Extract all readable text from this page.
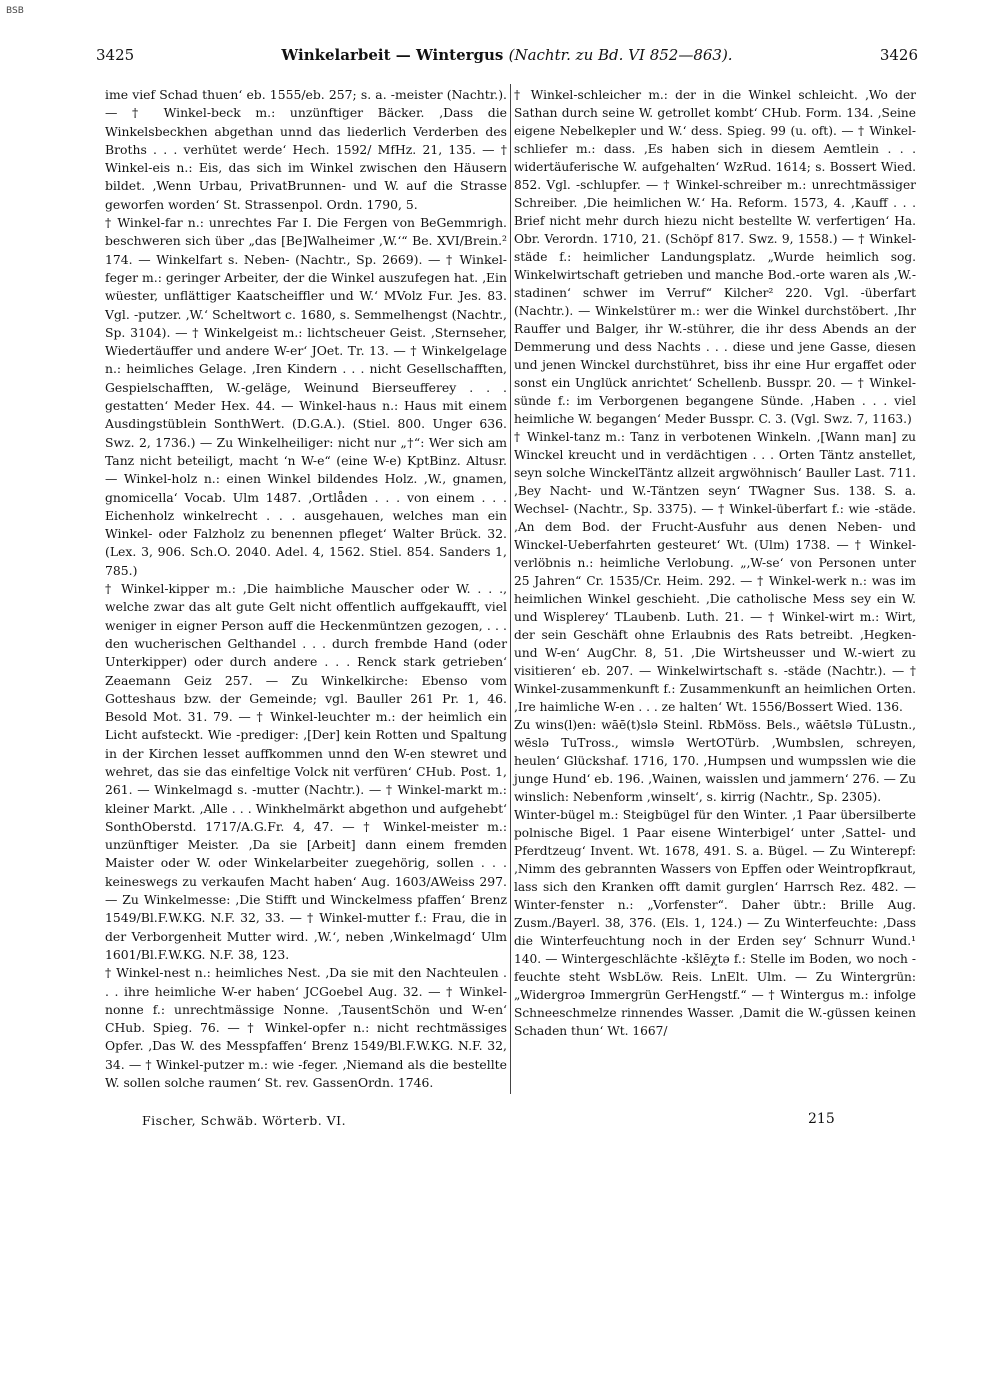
BSB
3425	Winkelarbeit — Wintergus (Nachtr. zu Bd. VI 852—863).	3426

ime vief Schad thuen‘ eb. 1555/eb. 257; s. a. -meister (Nachtr.). — † Winkel-beck m.: unzünftiger Bäcker. ‚Dass die Winkelsbeckhen abgethan unnd das liederlich Verderben des Broths . . . verhütet werde‘ Hech. 1592/ MfHz. 21, 135. — † Winkel-eis n.: Eis, das sich im Winkel zwischen den Häusern bildet. ‚Wenn Urbau, PrivatBrunnen- und W. auf die Strasse geworfen worden‘ St. Strassenpol. Ordn. 1790, 5.

† Winkel-far n.: unrechtes Far I. Die Fergen von BeGemmrigh. beschweren sich über „das [Be]Walheimer ‚W.‘“ Be. XVI/Brein.² 174. — Winkelfart s. Neben- (Nachtr., Sp. 2669). — † Winkel-feger m.: geringer Arbeiter, der die Winkel auszufegen hat. ‚Ein wüester, unflättiger Kaatscheiffler und W.‘ MVolz Fur. Jes. 83. Vgl. -putzer. ‚W.‘ Scheltwort c. 1680, s. Semmelhengst (Nachtr., Sp. 3104). — † Winkelgeist m.: lichtscheuer Geist. ‚Sternseher, Wiedertäuffer und andere W-er‘ JOet. Tr. 13. — † Winkelgelage n.: heimliches Gelage. ‚Iren Kindern . . . nicht Gesellschafften, Gespielschafften, W.-geläge, Weinund Bierseufferey . . . gestatten‘ Meder Hex. 44. — Winkel-haus n.: Haus mit einem Ausdingstüblein SonthWert. (D.G.A.). (Stiel. 800. Unger 636. Swz. 2, 1736.) — Zu Winkelheiliger: nicht nur „†“: Wer sich am Tanz nicht beteiligt, macht ‘n W-e“ (eine W-e) KptBinz. Altusr. — Winkel-holz n.: einen Winkel bildendes Holz. ‚W., gnamen, gnomicella‘ Vocab. Ulm 1487. ‚Ortlåden . . . von einem . . . Eichenholz winkelrecht . . . ausgehauen, welches man ein Winkel- oder Falzholz zu benennen pfleget‘ Walter Brück. 32. (Lex. 3, 906. Sch.O. 2040. Adel. 4, 1562. Stiel. 854. Sanders 1, 785.)

† Winkel-kipper m.: ‚Die haimbliche Mauscher oder W. . . .‚ welche zwar das alt gute Gelt nicht offentlich auffgekaufft, viel weniger in eigner Person auff die Heckenmüntzen gezogen, . . . den wucherischen Gelthandel . . . durch frembde Hand (oder Unterkipper) oder durch andere . . . Renck stark getrieben‘ Zeaemann Geiz 257. — Zu Winkelkirche: Ebenso vom Gotteshaus bzw. der Gemeinde; vgl. Bauller 261 Pr. 1, 46. Besold Mot. 31. 79. — † Winkel-leuchter m.: der heimlich ein Licht aufsteckt. Wie -prediger: ‚[Der] kein Rotten und Spaltung in der Kirchen lesset auffkommen unnd den W-en stewret und wehret, das sie das einfeltige Volck nit verfüren‘ CHub. Post. 1, 261. — Winkelmagd s. -mutter (Nachtr.). — † Winkel-markt m.: kleiner Markt. ‚Alle . . . Winkhelmärkt abgethon und aufgehebt‘ SonthOberstd. 1717/A.G.Fr. 4, 47. — † Winkel-meister m.: unzünftiger Meister. ‚Da sie [Arbeit] dann einem fremden Maister oder W. oder Winkelarbeiter zuegehörig, sollen . . . keineswegs zu verkaufen Macht haben‘ Aug. 1603/AWeiss 297. — Zu Winkelmesse: ‚Die Stifft und Winckelmess pfaffen‘ Brenz 1549/Bl.F.W.KG. N.F. 32, 33. — † Winkel-mutter f.: Frau, die in der Verborgenheit Mutter wird. ‚W.‘, neben ‚Winkelmagd‘ Ulm 1601/Bl.F.W.KG. N.F. 38, 123.

† Winkel-nest n.: heimliches Nest. ‚Da sie mit den Nachteulen . . . ihre heimliche W-er haben‘ JCGoebel Aug. 32. — † Winkel-nonne f.: unrechtmässige Nonne. ‚TausentSchön und W-en‘ CHub. Spieg. 76. — † Winkel-opfer n.: nicht rechtmässiges Opfer. ‚Das W. des Messpfaffen‘ Brenz 1549/Bl.F.W.KG. N.F. 32, 34. — † Winkel-putzer m.: wie -feger. ‚Niemand als die bestellte W. sollen solche raumen‘ St. rev. GassenOrdn. 1746.

† Winkel-schleicher m.: der in die Winkel schleicht. ‚Wo der Sathan durch seine W. getrollet kombt‘ CHub. Form. 134. ‚Seine eigene Nebelkepler und W.‘ dess. Spieg. 99 (u. oft). — † Winkel-schliefer m.: dass. ‚Es haben sich in diesem Aemtlein . . . widertäuferische W. aufgehalten‘ WzRud. 1614; s. Bossert Wied. 852. Vgl. -schlupfer. — † Winkel-schreiber m.: unrechtmässiger Schreiber. ‚Die heimlichen W.‘ Ha. Reform. 1573, 4. ‚Kauff . . . Brief nicht mehr durch hiezu nicht bestellte W. verfertigen‘ Ha. Obr. Verordn. 1710, 21. (Schöpf 817. Swz. 9, 1558.) — † Winkel-städe f.: heimlicher Landungsplatz. „Wurde heimlich sog. Winkelwirtschaft getrieben und manche Bod.-orte waren als ‚W.-stadinen‘ schwer im Verruf“ Kilcher² 220. Vgl. -überfart (Nachtr.). — Winkelstürer m.: wer die Winkel durchstöbert. ‚Ihr Rauffer und Balger, ihr W.-stührer, die ihr dess Abends an der Demmerung und dess Nachts . . . diese und jene Gasse, diesen und jenen Winckel durchstühret, biss ihr eine Hur ergaffet oder sonst ein Unglück anrichtet‘ Schellenb. Busspr. 20. — † Winkel-sünde f.: im Verborgenen begangene Sünde. ‚Haben . . . viel heimliche W. begangen‘ Meder Busspr. C. 3. (Vgl. Swz. 7, 1163.)

† Winkel-tanz m.: Tanz in verbotenen Winkeln. ‚[Wann man] zu Winckel kreucht und in verdächtigen . . . Orten Täntz anstellet, seyn solche WinckelTäntz allzeit argwöhnisch‘ Bauller Last. 711. ‚Bey Nacht- und W.-Täntzen seyn‘ TWagner Sus. 138. S. a. Wechsel- (Nachtr., Sp. 3375). — † Winkel-überfart f.: wie -städe. ‚An dem Bod. der Frucht-Ausfuhr aus denen Neben- und Winckel-Ueberfahrten gesteuret‘ Wt. (Ulm) 1738. — † Winkel-verlöbnis n.: heimliche Verlobung. „‚W-se‘ von Personen unter 25 Jahren“ Cr. 1535/Cr. Heim. 292. — † Winkel-werk n.: was im heimlichen Winkel geschieht. ‚Die catholische Mess sey ein W. und Wisplerey‘ TLaubenb. Luth. 21. — † Winkel-wirt m.: Wirt, der sein Geschäft ohne Erlaubnis des Rats betreibt. ‚Hegken- und W-en‘ AugChr. 8, 51. ‚Die Wirtsheusser und W.-wiert zu visitieren‘ eb. 207. — Winkelwirtschaft s. -städe (Nachtr.). — † Winkel-zusammenkunft f.: Zusammenkunft an heimlichen Orten. ‚Ire haimliche W-en . . . ze halten‘ Wt. 1556/Bossert Wied. 136.

Zu wins(l)en: wāē(t)slə Steinl. RbMöss. Bels., wāētslə TüLustn., wēslə TuTross., wimslə WertOTürb. ‚Wumbslen, schreyen, heulen‘ Glückshaf. 1716, 170. ‚Humpsen und wumpsslen wie die junge Hund‘ eb. 196. ‚Wainen, waisslen und jammern‘ 276. — Zu winslich: Nebenform ‚winselt‘, s. kirrig (Nachtr., Sp. 2305).

Winter-bügel m.: Steigbügel für den Winter. ‚1 Paar übersilberte polnische Bigel. 1 Paar eisene Winterbigel‘ unter ‚Sattel- und Pferdtzeug‘ Invent. Wt. 1678, 491. S. a. Bügel. — Zu Winterepf: ‚Nimm des gebrannten Wassers von Epffen oder Weintropfkraut, lass sich den Kranken offt damit gurglen‘ Harrsch Rez. 482. — Winter-fenster n.: „Vorfenster“. Daher übtr.: Brille Aug. Zusm./Bayerl. 38, 376. (Els. 1, 124.) — Zu Winterfeuchte: ‚Dass die Winterfeuchtung noch in der Erden sey‘ Schnurr Wund.¹ 140. — Wintergeschlächte -kšlēχtə f.: Stelle im Boden, wo noch -feuchte steht WsbLöw. Reis. LnElt. Ulm. — Zu Wintergrün: „Widergroə Immergrün GerHengstf.“ — † Wintergus m.: infolge Schneeschmelze rinnendes Wasser. ‚Damit die W.-güssen keinen Schaden thun‘ Wt. 1667/

Fischer, Schwäb. Wörterb. VI.	215
